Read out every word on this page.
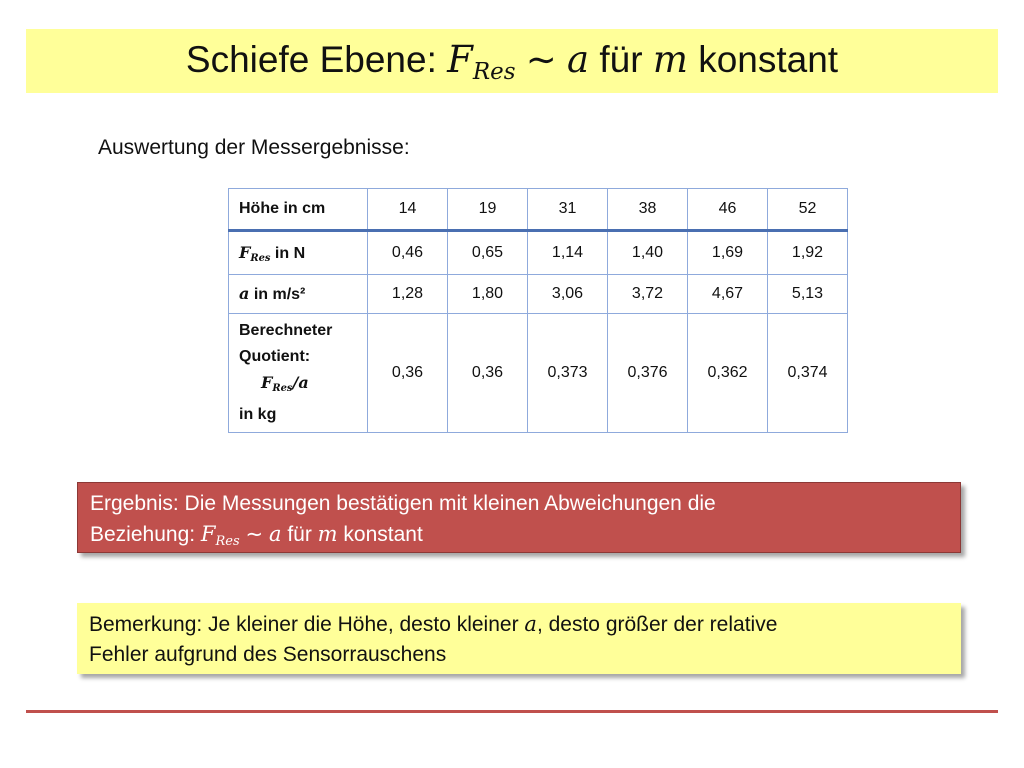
Schiefe Ebene: $F_{Res}$ ∼ a für m konstant
Auswertung der Messergebnisse:
Höhe in cm	14	19	31	38	46	52
$F_{Res}$ in N	0,46	0,65	1,14	1,40	1,69	1,92
a in m/s²	1,28	1,80	3,06	3,72	4,67	5,13

Berechneter
Quotient:
$F_{Res}/a$
in kg	0,36	0,36	0,373	0,376	0,362	0,374
Ergebnis: Die Messungen bestätigen mit kleinen Abweichungen die
Beziehung: $F_{Res}$ ∼ a für m konstant
Bemerkung: Je kleiner die Höhe, desto kleiner a, desto größer der relative
Fehler aufgrund des Sensorrauschens
